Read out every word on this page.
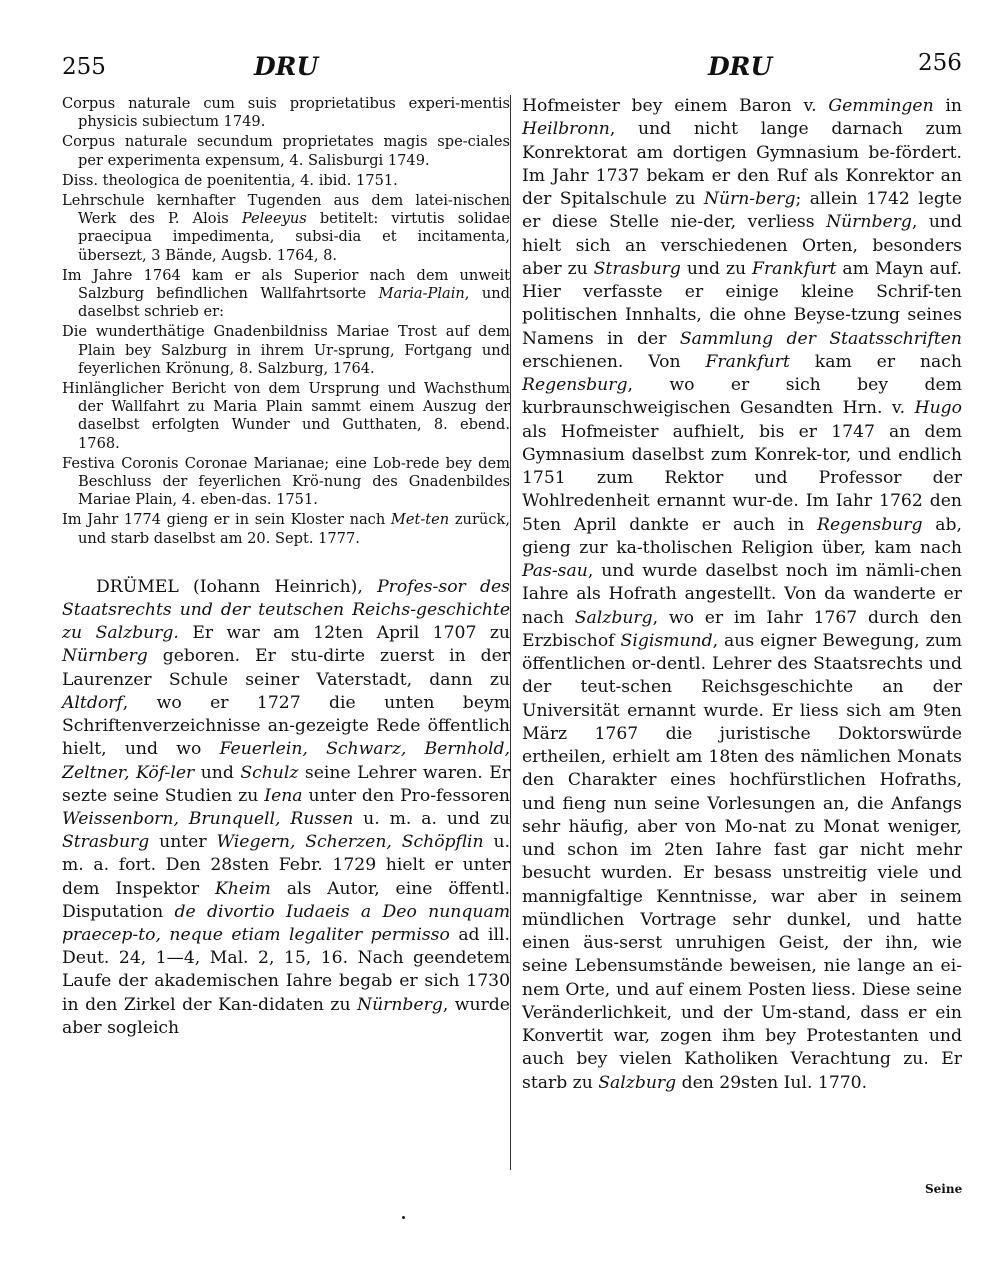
255	DRU	DRU	256
Corpus naturale cum suis proprietatibus experi-mentis physicis subiectum 1749.
Corpus naturale secundum proprietates magis spe-ciales per experimenta expensum, 4. Salisburgi 1749.
Diss. theologica de poenitentia, 4. ibid. 1751.
Lehrschule kernhafter Tugenden aus dem latei-nischen Werk des P. Alois Peleeyus betitelt: virtutis solidae praecipua impedimenta, subsi-dia et incitamenta, übersezt, 3 Bände, Augsb. 1764, 8.
Im Jahre 1764 kam er als Superior nach dem unweit Salzburg befindlichen Wallfahrtsorte Maria-Plain, und daselbst schrieb er:
Die wunderthätige Gnadenbildniss Mariae Trost auf dem Plain bey Salzburg in ihrem Ur-sprung, Fortgang und feyerlichen Krönung, 8. Salzburg, 1764.
Hinlänglicher Bericht von dem Ursprung und Wachsthum der Wallfahrt zu Maria Plain sammt einem Auszug der daselbst erfolgten Wunder und Gutthaten, 8. ebend. 1768.
Festiva Coronis Coronae Marianae; eine Lob-rede bey dem Beschluss der feyerlichen Krö-nung des Gnadenbildes Mariae Plain, 4. eben-das. 1751.
Im Jahr 1774 gieng er in sein Kloster nach Met-ten zurück, und starb daselbst am 20. Sept. 1777.

DRÜMEL (Iohann Heinrich), Profes-sor des Staatsrechts und der teutschen Reichs-geschichte zu Salzburg. Er war am 12ten April 1707 zu Nürnberg geboren. Er stu-dirte zuerst in der Laurenzer Schule seiner Vaterstadt, dann zu Altdorf, wo er 1727 die unten beym Schriftenverzeichnisse an-gezeigte Rede öffentlich hielt, und wo Feuerlein, Schwarz, Bernhold, Zeltner, Köf-ler und Schulz seine Lehrer waren. Er sezte seine Studien zu Iena unter den Pro-fessoren Weissenborn, Brunquell, Russen u. m. a. und zu Strasburg unter Wiegern, Scherzen, Schöpflin u. m. a. fort. Den 28sten Febr. 1729 hielt er unter dem Inspektor Kheim als Autor, eine öffentl. Disputation de divortio Iudaeis a Deo nunquam praecep-to, neque etiam legaliter permisso ad ill. Deut. 24, 1—4, Mal. 2, 15, 16. Nach geendetem Laufe der akademischen Iahre begab er sich 1730 in den Zirkel der Kan-didaten zu Nürnberg, wurde aber sogleich

Hofmeister bey einem Baron v. Gemmingen in Heilbronn, und nicht lange darnach zum Konrektorat am dortigen Gymnasium be-fördert. Im Jahr 1737 bekam er den Ruf als Konrektor an der Spitalschule zu Nürn-berg; allein 1742 legte er diese Stelle nie-der, verliess Nürnberg, und hielt sich an verschiedenen Orten, besonders aber zu Strasburg und zu Frankfurt am Mayn auf. Hier verfasste er einige kleine Schrif-ten politischen Innhalts, die ohne Beyse-tzung seines Namens in der Sammlung der Staatsschriften erschienen. Von Frankfurt kam er nach Regensburg, wo er sich bey dem kurbraunschweigischen Gesandten Hrn. v. Hugo als Hofmeister aufhielt, bis er 1747 an dem Gymnasium daselbst zum Konrek-tor, und endlich 1751 zum Rektor und Professor der Wohlredenheit ernannt wur-de. Im Iahr 1762 den 5ten April dankte er auch in Regensburg ab, gieng zur ka-tholischen Religion über, kam nach Pas-sau, und wurde daselbst noch im nämli-chen Iahre als Hofrath angestellt. Von da wanderte er nach Salzburg, wo er im Iahr 1767 durch den Erzbischof Sigismund, aus eigner Bewegung, zum öffentlichen or-dentl. Lehrer des Staatsrechts und der teut-schen Reichsgeschichte an der Universität ernannt wurde. Er liess sich am 9ten März 1767 die juristische Doktorswürde ertheilen, erhielt am 18ten des nämlichen Monats den Charakter eines hochfürstlichen Hofraths, und fieng nun seine Vorlesungen an, die Anfangs sehr häufig, aber von Mo-nat zu Monat weniger, und schon im 2ten Iahre fast gar nicht mehr besucht wurden. Er besass unstreitig viele und mannigfaltige Kenntnisse, war aber in seinem mündlichen Vortrage sehr dunkel, und hatte einen äus-serst unruhigen Geist, der ihn, wie seine Lebensumstände beweisen, nie lange an ei-nem Orte, und auf einem Posten liess. Diese seine Veränderlichkeit, und der Um-stand, dass er ein Konvertit war, zogen ihm bey Protestanten und auch bey vielen Katholiken Verachtung zu. Er starb zu Salzburg den 29sten Iul. 1770.

Seine
